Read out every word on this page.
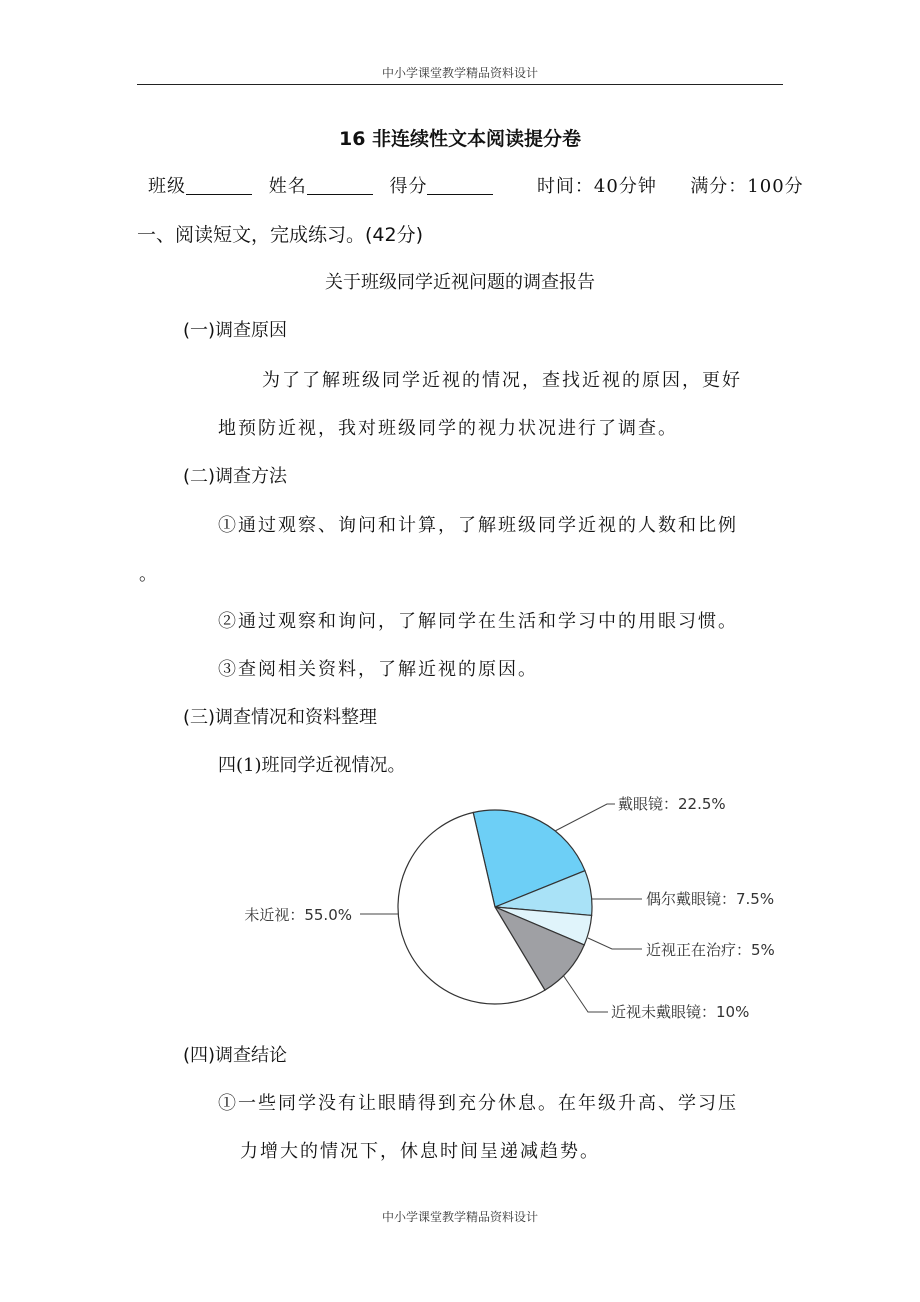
中小学课堂教学精品资料设计
16 非连续性文本阅读提分卷
班级	姓名	得分	时间：40分钟 满分：100分
一、阅读短文，完成练习。(42分)
关于班级同学近视问题的调查报告
(一)调查原因
为了了解班级同学近视的情况，查找近视的原因，更好
地预防近视，我对班级同学的视力状况进行了调查。
(二)调查方法
①通过观察、询问和计算，了解班级同学近视的人数和比例
。
②通过观察和询问，了解同学在生活和学习中的用眼习惯。
③查阅相关资料，了解近视的原因。
(三)调查情况和资料整理
四(1)班同学近视情况。
戴眼镜：22.5%
偶尔戴眼镜：7.5%
近视正在治疗：5%
近视未戴眼镜：10%
未近视：55.0%
(四)调查结论
①一些同学没有让眼睛得到充分休息。在年级升高、学习压
力增大的情况下，休息时间呈递减趋势。
中小学课堂教学精品资料设计
